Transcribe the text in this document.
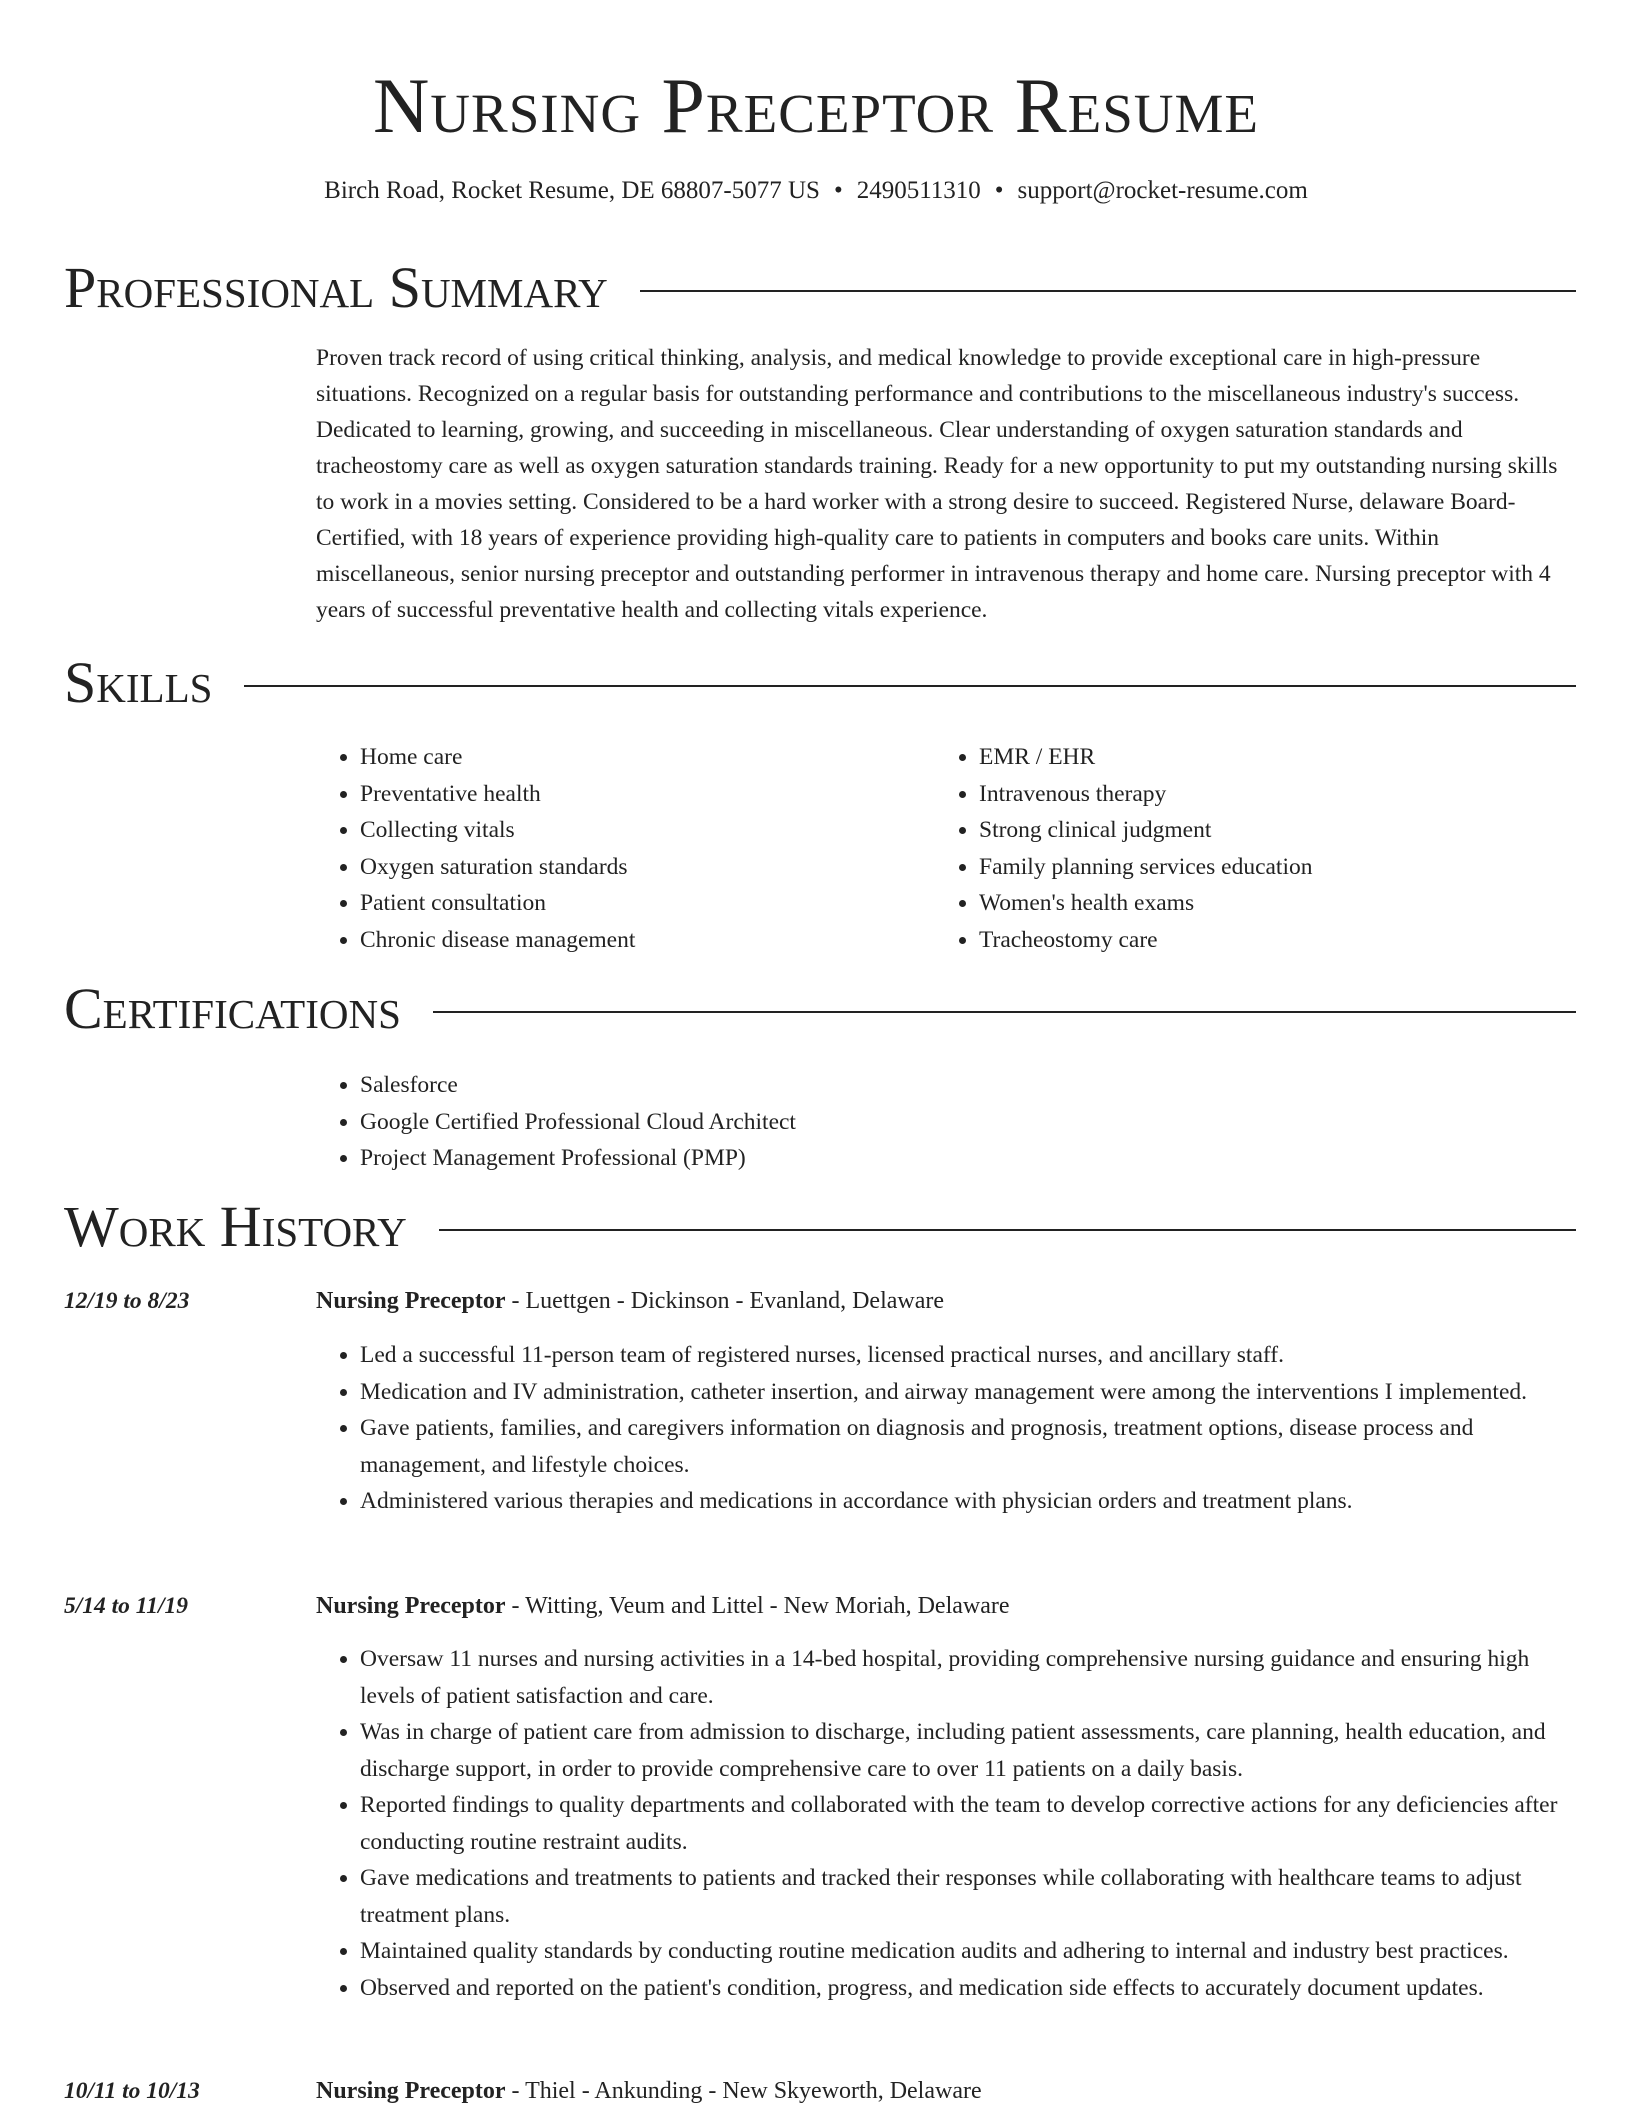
Nursing Preceptor Resume
Birch Road, Rocket Resume, DE 68807-5077 US • 2490511310 • support@rocket-resume.com
Professional Summary

Proven track record of using critical thinking, analysis, and medical knowledge to provide exceptional care in high-pressure situations. Recognized on a regular basis for outstanding performance and contributions to the miscellaneous industry's success. Dedicated to learning, growing, and succeeding in miscellaneous. Clear understanding of oxygen saturation standards and tracheostomy care as well as oxygen saturation standards training. Ready for a new opportunity to put my outstanding nursing skills to work in a movies setting. Considered to be a hard worker with a strong desire to succeed. Registered Nurse, delaware Board-Certified, with 18 years of experience providing high-quality care to patients in computers and books care units. Within miscellaneous, senior nursing preceptor and outstanding performer in intravenous therapy and home care. Nursing preceptor with 4 years of successful preventative health and collecting vitals experience.

Skills
• Home care
• Preventative health
• Collecting vitals
• Oxygen saturation standards
• Patient consultation
• Chronic disease management
• EMR / EHR
• Intravenous therapy
• Strong clinical judgment
• Family planning services education
• Women's health exams
• Tracheostomy care
Certifications
• Salesforce
• Google Certified Professional Cloud Architect
• Project Management Professional (PMP)
Work History
12/19 to 8/23	Nursing Preceptor - Luettgen - Dickinson - Evanland, Delaware
• Led a successful 11-person team of registered nurses, licensed practical nurses, and ancillary staff.
• Medication and IV administration, catheter insertion, and airway management were among the interventions I implemented.
• Gave patients, families, and caregivers information on diagnosis and prognosis, treatment options, disease process and management, and lifestyle choices.
• Administered various therapies and medications in accordance with physician orders and treatment plans.
5/14 to 11/19	Nursing Preceptor - Witting, Veum and Littel - New Moriah, Delaware
• Oversaw 11 nurses and nursing activities in a 14-bed hospital, providing comprehensive nursing guidance and ensuring high levels of patient satisfaction and care.
• Was in charge of patient care from admission to discharge, including patient assessments, care planning, health education, and discharge support, in order to provide comprehensive care to over 11 patients on a daily basis.
• Reported findings to quality departments and collaborated with the team to develop corrective actions for any deficiencies after conducting routine restraint audits.
• Gave medications and treatments to patients and tracked their responses while collaborating with healthcare teams to adjust treatment plans.
• Maintained quality standards by conducting routine medication audits and adhering to internal and industry best practices.
• Observed and reported on the patient's condition, progress, and medication side effects to accurately document updates.
10/11 to 10/13	Nursing Preceptor - Thiel - Ankunding - New Skyeworth, Delaware
